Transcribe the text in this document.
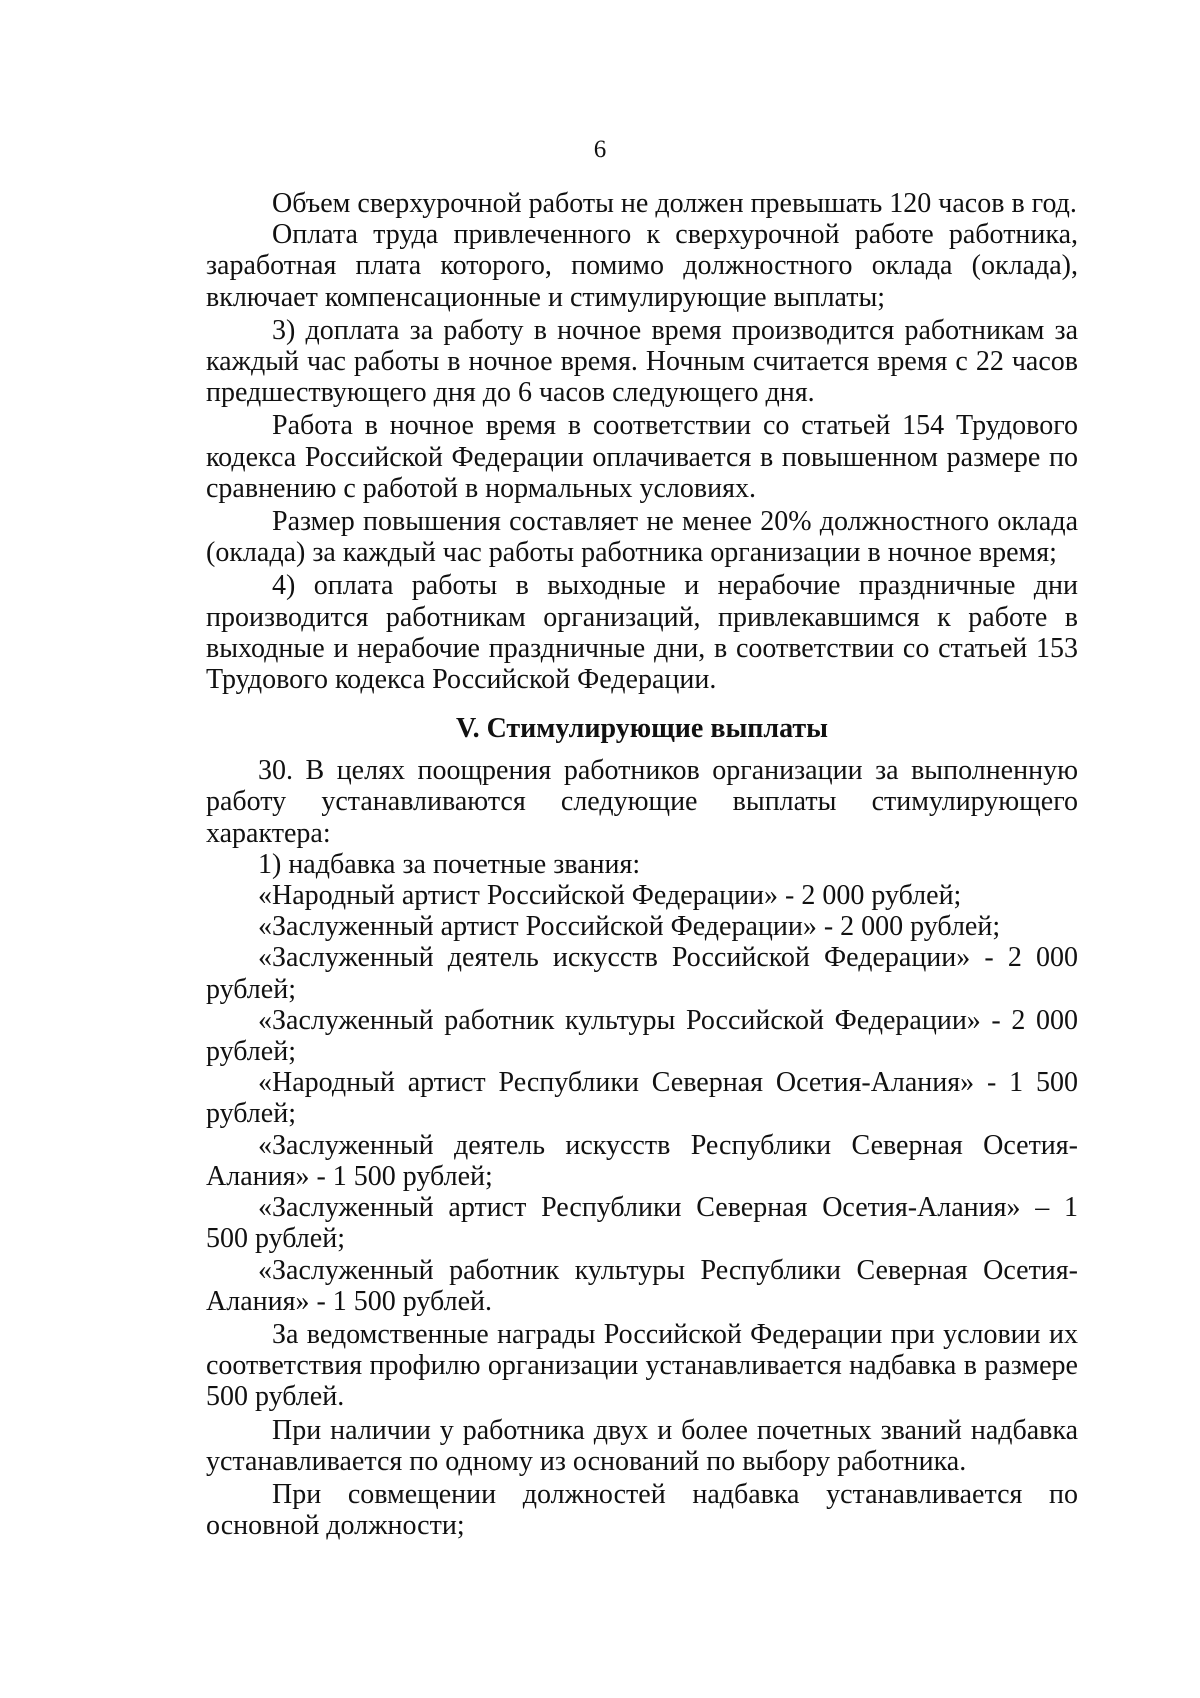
6

Объем сверхурочной работы не должен превышать 120 часов в год.

Оплата труда привлеченного к сверхурочной работе работника, заработная плата которого, помимо должностного оклада (оклада), включает компенсационные и стимулирующие выплаты;

3) доплата за работу в ночное время производится работникам за каждый час работы в ночное время. Ночным считается время с 22 часов предшествующего дня до 6 часов следующего дня.

Работа в ночное время в соответствии со статьей 154 Трудового кодекса Российской Федерации оплачивается в повышенном размере по сравнению с работой в нормальных условиях.

Размер повышения составляет не менее 20% должностного оклада (оклада) за каждый час работы работника организации в ночное время;

4) оплата работы в выходные и нерабочие праздничные дни производится работникам организаций, привлекавшимся к работе в выходные и нерабочие праздничные дни, в соответствии со статьей 153 Трудового кодекса Российской Федерации.

V. Стимулирующие выплаты

30. В целях поощрения работников организации за выполненную работу устанавливаются следующие выплаты стимулирующего характера:

1) надбавка за почетные звания:

«Народный артист Российской Федерации» - 2 000 рублей;

«Заслуженный артист Российской Федерации» - 2 000 рублей;

«Заслуженный деятель искусств Российской Федерации» - 2 000 рублей;

«Заслуженный работник культуры Российской Федерации» - 2 000 рублей;

«Народный артист Республики Северная Осетия-Алания» - 1 500 рублей;

«Заслуженный деятель искусств Республики Северная Осетия-Алания» - 1 500 рублей;

«Заслуженный артист Республики Северная Осетия-Алания» – 1 500 рублей;

«Заслуженный работник культуры Республики Северная Осетия-Алания» - 1 500 рублей.

За ведомственные награды Российской Федерации при условии их соответствия профилю организации устанавливается надбавка в размере 500 рублей.

При наличии у работника двух и более почетных званий надбавка устанавливается по одному из оснований по выбору работника.

При совмещении должностей надбавка устанавливается по основной должности;
